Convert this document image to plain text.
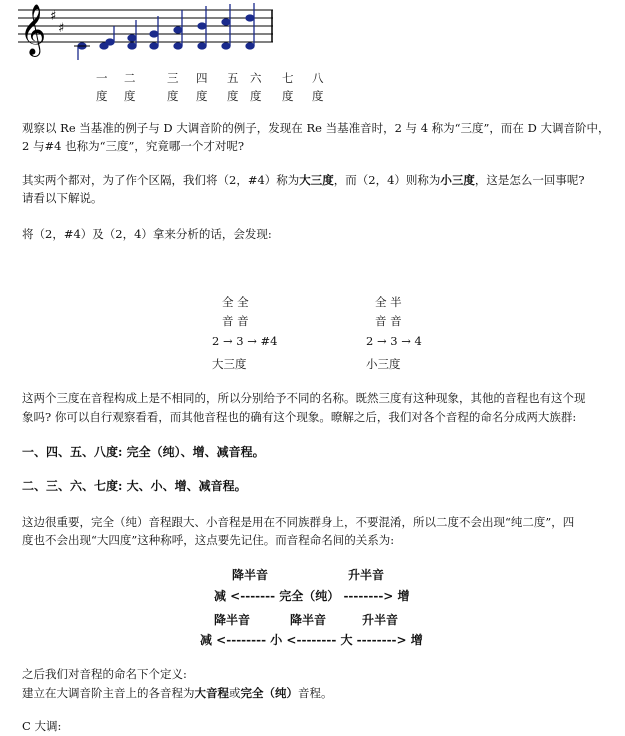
𝄞 ♯
♯
一
度
二
度
三
度
四
度
五
度
六
度
七
度
八
度

观察以 Re 当基准的例子与 D 大调音阶的例子，发现在 Re 当基准音时，2 与 4 称为“三度”，而在 D 大调音阶中，

2 与#4 也称为“三度”，究竟哪一个才对呢?

其实两个都对，为了作个区隔，我们将（2，#4）称为大三度，而（2，4）则称为小三度，这是怎么一回事呢?

请看以下解说。

将（2，#4）及（2，4）拿来分析的话，会发现:

全 全
音 音
2 → 3 → #4
大三度
全 半
音 音
2 → 3 → 4
小三度

这两个三度在音程构成上是不相同的，所以分别给予不同的名称。既然三度有这种现象，其他的音程也有这个现

象吗? 你可以自行观察看看，而其他音程也的确有这个现象。暸解之后，我们对各个音程的命名分成两大族群:

一、四、五、八度: 完全（纯）、增、减音程。

二、三、六、七度: 大、小、增、减音程。

这边很重要，完全（纯）音程跟大、小音程是用在不同族群身上，不要混淆，所以二度不会出现“纯二度”，四

度也不会出现“大四度”这种称呼，这点要先记住。而音程命名间的关系为:

降半音	升半音
减 <------- 完全（纯） --------> 增
降半音	降半音	升半音
减 <-------- 小 <-------- 大 --------> 增

之后我们对音程的命名下个定义:

建立在大调音阶主音上的各音程为大音程或完全（纯）音程。

C 大调:
